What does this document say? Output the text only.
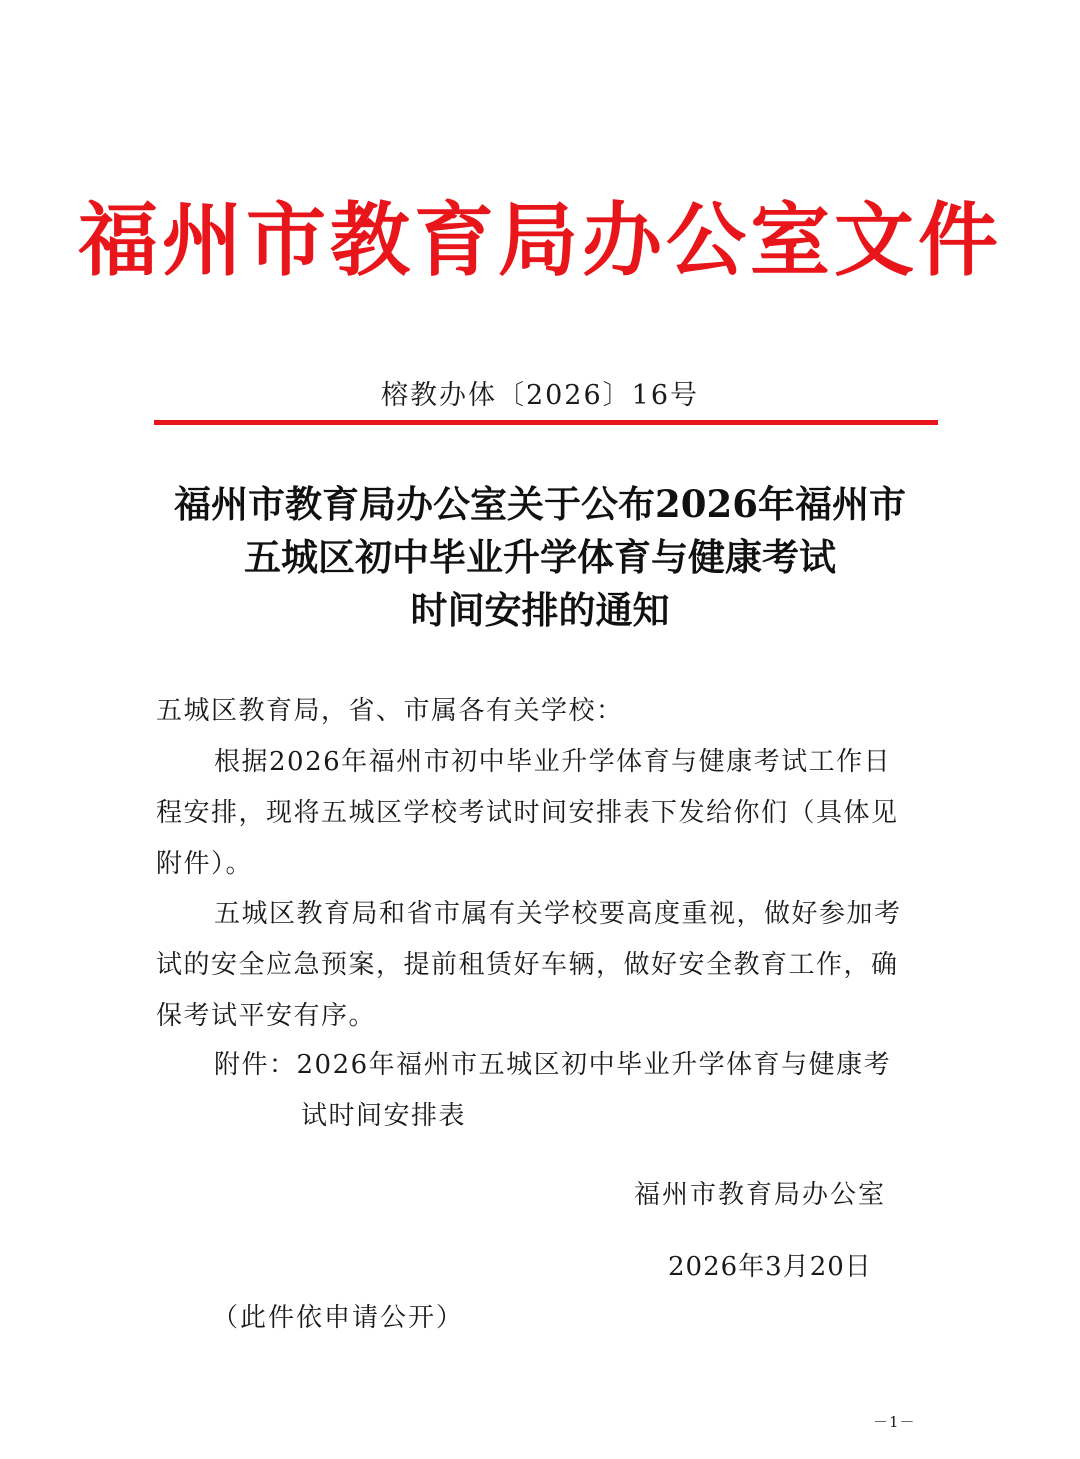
福州市教育局办公室文件
榕教办体〔2026〕16号
福州市教育局办公室关于公布2026年福州市
五城区初中毕业升学体育与健康考试
时间安排的通知
五城区教育局，省、市属各有关学校：
根据2026年福州市初中毕业升学体育与健康考试工作日
程安排，现将五城区学校考试时间安排表下发给你们（具体见
附件）。
五城区教育局和省市属有关学校要高度重视，做好参加考
试的安全应急预案，提前租赁好车辆，做好安全教育工作，确
保考试平安有序。
附件：2026年福州市五城区初中毕业升学体育与健康考
试时间安排表
福州市教育局办公室
2026年3月20日
（此件依申请公开）
－1－
